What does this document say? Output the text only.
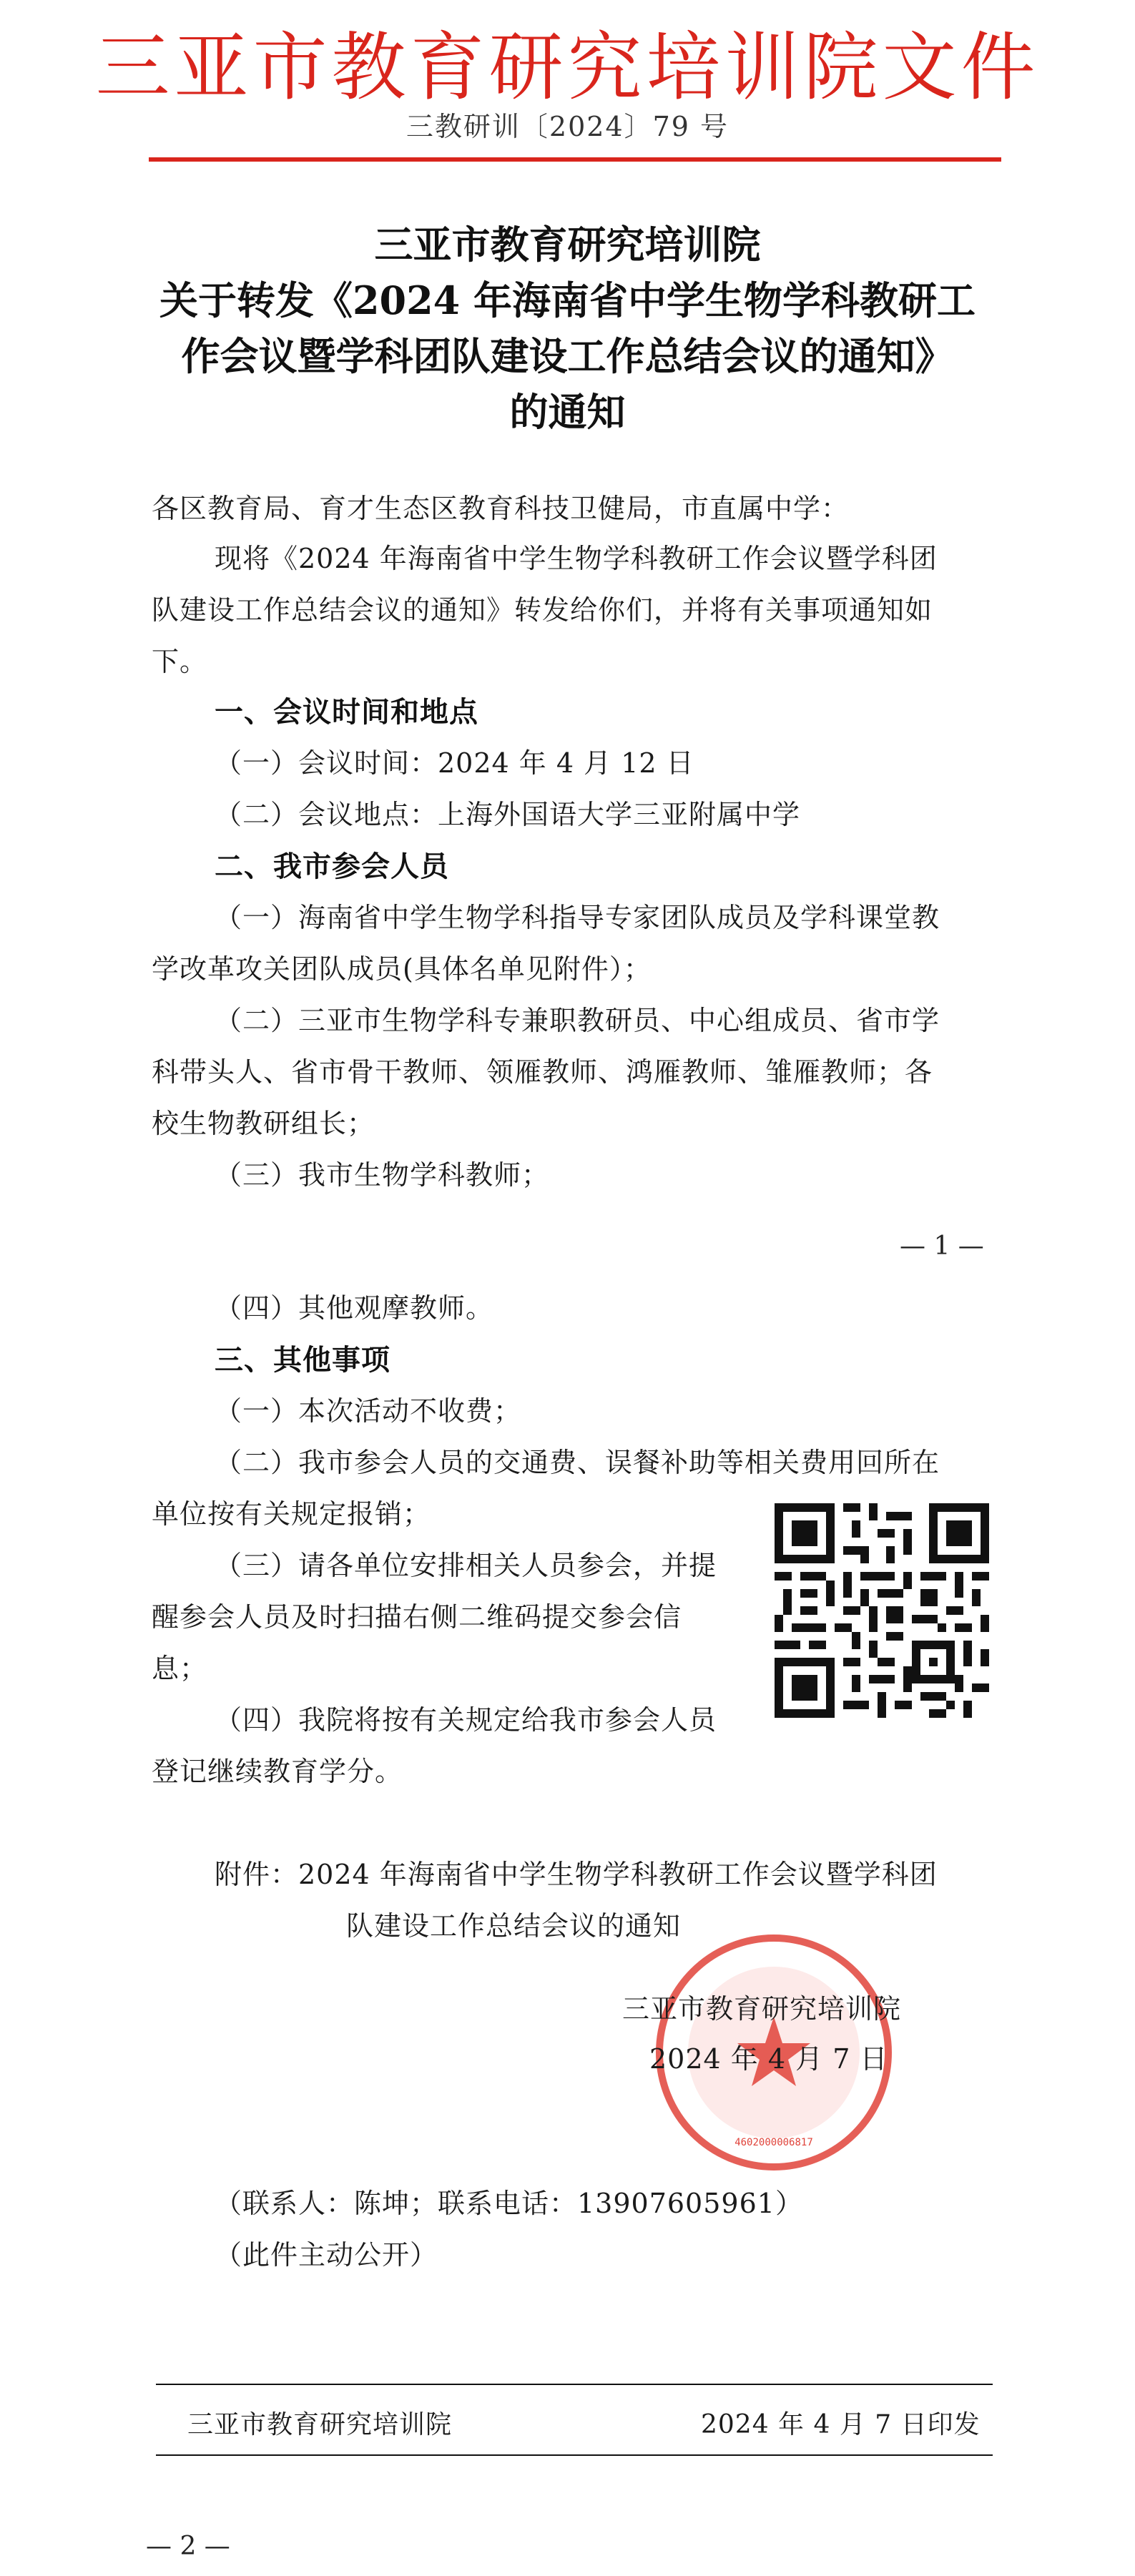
三亚市教育研究培训院文件
三教研训〔2024〕79 号
三亚市教育研究培训院
关于转发《2024 年海南省中学生物学科教研工
作会议暨学科团队建设工作总结会议的通知》
的通知
各区教育局、育才生态区教育科技卫健局，市直属中学：
现将《2024 年海南省中学生物学科教研工作会议暨学科团
队建设工作总结会议的通知》转发给你们，并将有关事项通知如
下。
一、会议时间和地点
（一）会议时间：2024 年 4 月 12 日
（二）会议地点：上海外国语大学三亚附属中学
二、我市参会人员
（一）海南省中学生物学科指导专家团队成员及学科课堂教
学改革攻关团队成员(具体名单见附件）；
（二）三亚市生物学科专兼职教研员、中心组成员、省市学
科带头人、省市骨干教师、领雁教师、鸿雁教师、雏雁教师；各
校生物教研组长；
（三）我市生物学科教师；
— 1 —
（四）其他观摩教师。
三、其他事项
（一）本次活动不收费；
（二）我市参会人员的交通费、误餐补助等相关费用回所在
单位按有关规定报销；
（三）请各单位安排相关人员参会，并提
醒参会人员及时扫描右侧二维码提交参会信
息；
（四）我院将按有关规定给我市参会人员
登记继续教育学分。
附件：2024 年海南省中学生物学科教研工作会议暨学科团
队建设工作总结会议的通知
4602000006817
三亚市教育研究培训院
2024 年 4 月 7 日
（联系人：陈坤；联系电话：13907605961）
（此件主动公开）
三亚市教育研究培训院	2024 年 4 月 7 日印发
— 2 —
